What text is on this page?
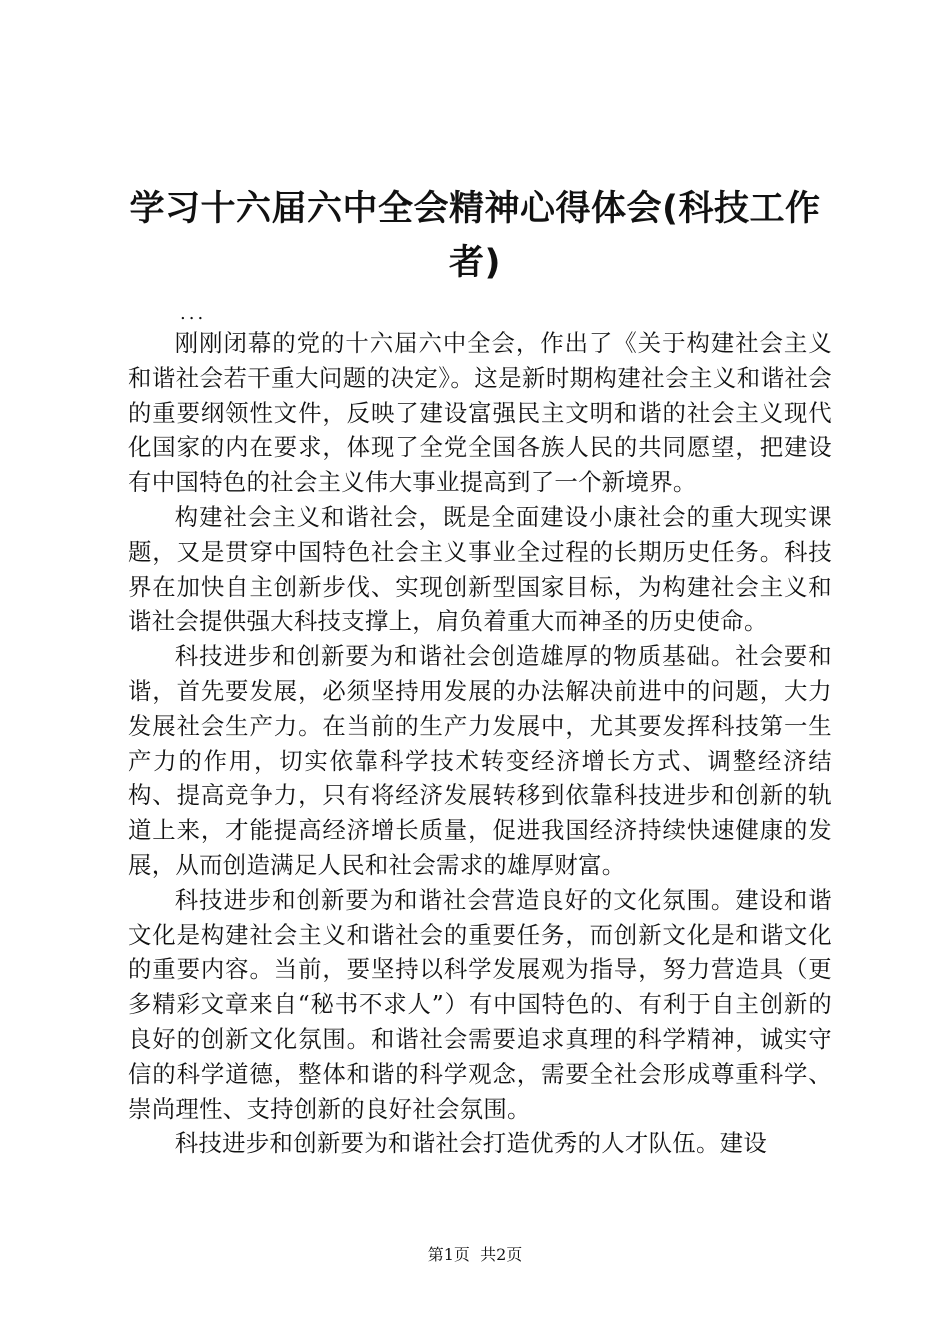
学习十六届六中全会精神心得体会(科技工作者)
...

刚刚闭幕的党的十六届六中全会，作出了《关于构建社会主义和谐社会若干重大问题的决定》。这是新时期构建社会主义和谐社会的重要纲领性文件，反映了建设富强民主文明和谐的社会主义现代化国家的内在要求，体现了全党全国各族人民的共同愿望，把建设有中国特色的社会主义伟大事业提高到了一个新境界。

构建社会主义和谐社会，既是全面建设小康社会的重大现实课题，又是贯穿中国特色社会主义事业全过程的长期历史任务。科技界在加快自主创新步伐、实现创新型国家目标，为构建社会主义和谐社会提供强大科技支撑上，肩负着重大而神圣的历史使命。

科技进步和创新要为和谐社会创造雄厚的物质基础。社会要和谐，首先要发展，必须坚持用发展的办法解决前进中的问题，大力发展社会生产力。在当前的生产力发展中，尤其要发挥科技第一生产力的作用，切实依靠科学技术转变经济增长方式、调整经济结构、提高竞争力，只有将经济发展转移到依靠科技进步和创新的轨道上来，才能提高经济增长质量，促进我国经济持续快速健康的发展，从而创造满足人民和社会需求的雄厚财富。

科技进步和创新要为和谐社会营造良好的文化氛围。建设和谐文化是构建社会主义和谐社会的重要任务，而创新文化是和谐文化的重要内容。当前，要坚持以科学发展观为指导，努力营造具（更多精彩文章来自“秘书不求人”）有中国特色的、有利于自主创新的良好的创新文化氛围。和谐社会需要追求真理的科学精神，诚实守信的科学道德，整体和谐的科学观念，需要全社会形成尊重科学、崇尚理性、支持创新的良好社会氛围。

科技进步和创新要为和谐社会打造优秀的人才队伍。建设

第1页 共2页
